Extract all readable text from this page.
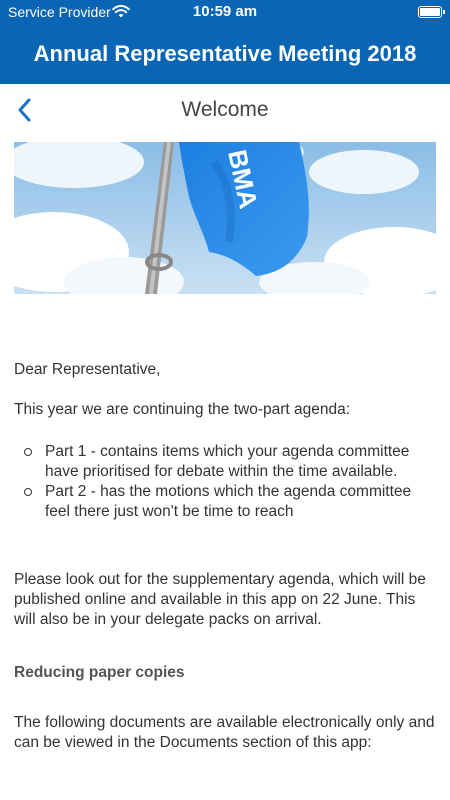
Service Provider	10:59 am
Annual Representative Meeting 2018
Welcome
BMA

Dear Representative,

This year we are continuing the two-part agenda:

Part 1 - contains items which your agenda committee have prioritised for debate within the time available.
Part 2 - has the motions which the agenda committee feel there just won't be time to reach

Please look out for the supplementary agenda, which will be published online and available in this app on 22 June. This will also be in your delegate packs on arrival.

Reducing paper copies

The following documents are available electronically only and can be viewed in the Documents section of this app:
